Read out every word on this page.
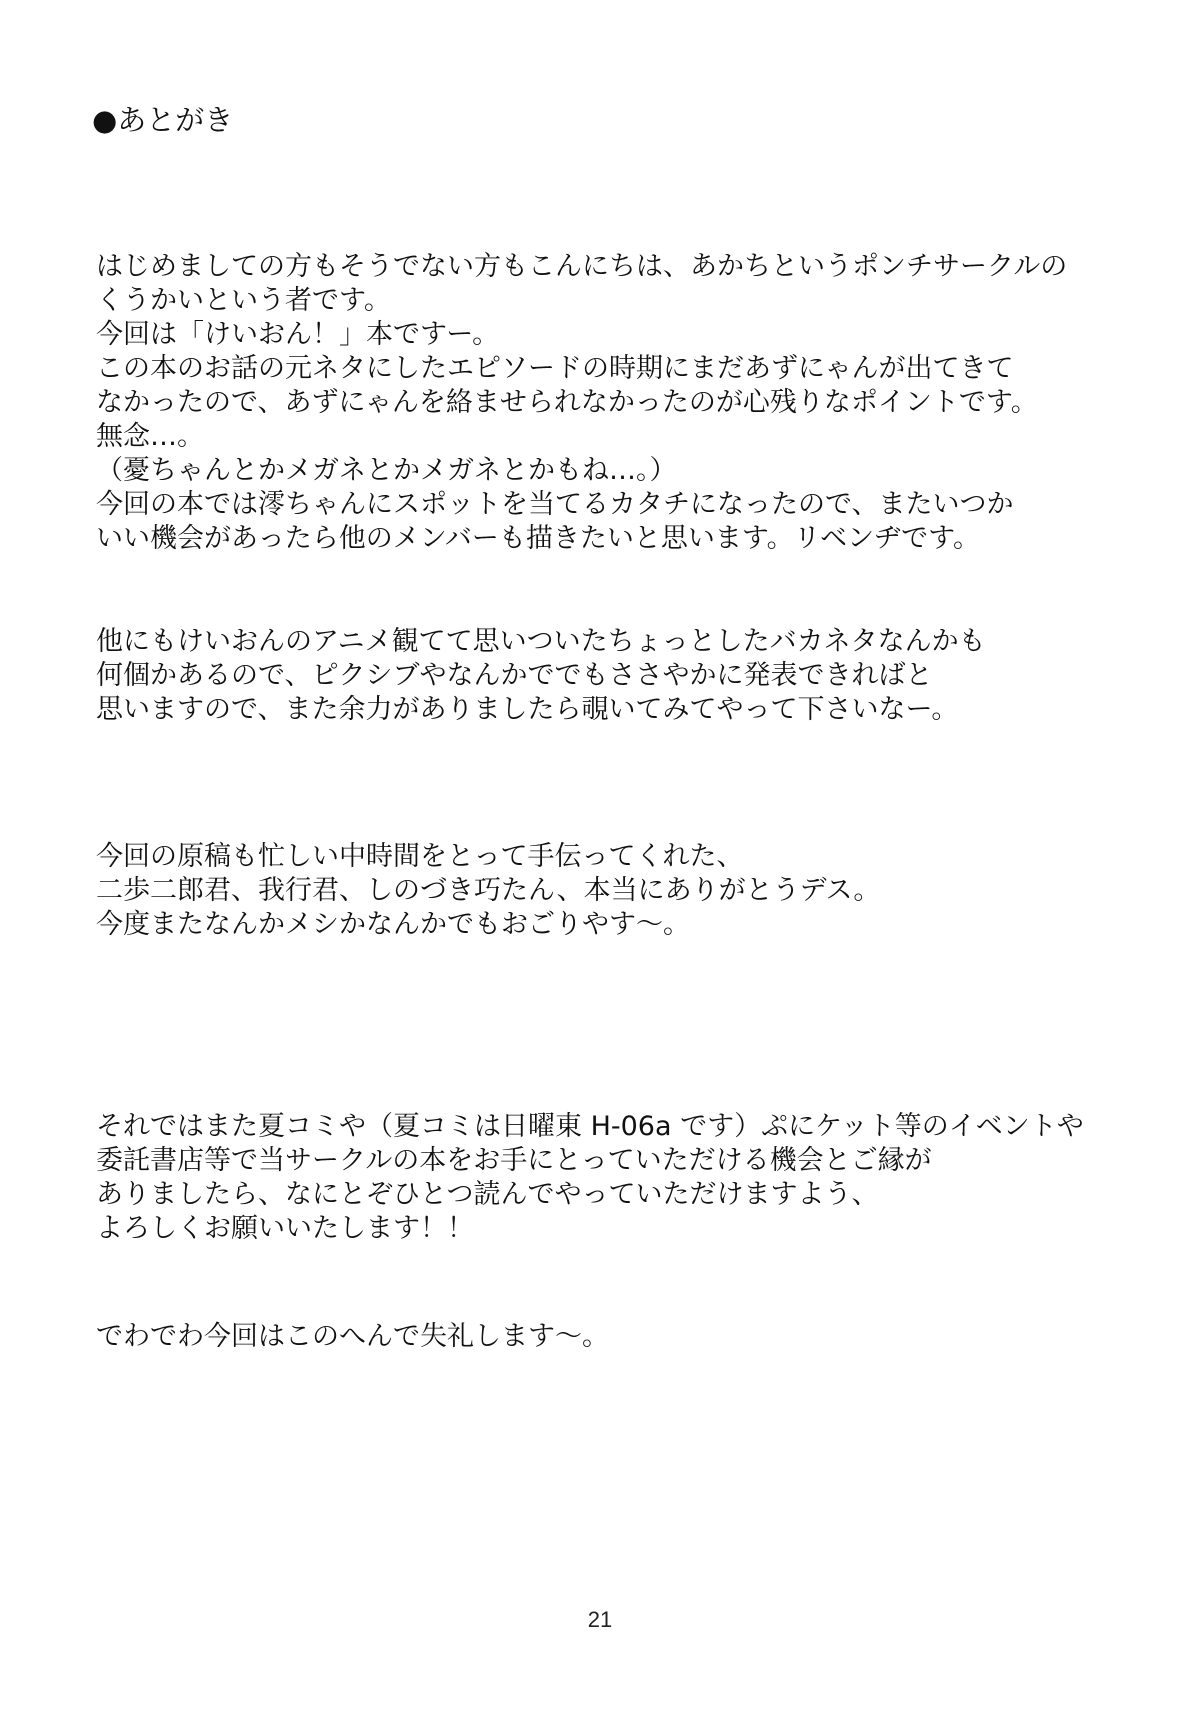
●あとがき
はじめましての方もそうでない方もこんにちは、あかちというポンチサークルの
くうかいという者です。
今回は「けいおん！」本ですー。
この本のお話の元ネタにしたエピソードの時期にまだあずにゃんが出てきて
なかったので、あずにゃんを絡ませられなかったのが心残りなポイントです。
無念…。
（憂ちゃんとかメガネとかメガネとかもね…。）
今回の本では澪ちゃんにスポットを当てるカタチになったので、またいつか
いい機会があったら他のメンバーも描きたいと思います。リベンヂです。
他にもけいおんのアニメ観てて思いついたちょっとしたバカネタなんかも
何個かあるので、ピクシブやなんかででもささやかに発表できればと
思いますので、また余力がありましたら覗いてみてやって下さいなー。
今回の原稿も忙しい中時間をとって手伝ってくれた、
二歩二郎君、我行君、しのづき巧たん、本当にありがとうデス。
今度またなんかメシかなんかでもおごりやす～。
それではまた夏コミや（夏コミは日曜東 H-06a です）ぷにケット等のイベントや
委託書店等で当サークルの本をお手にとっていただける機会とご縁が
ありましたら、なにとぞひとつ読んでやっていただけますよう、
よろしくお願いいたします！！
でわでわ今回はこのへんで失礼します～。
21
